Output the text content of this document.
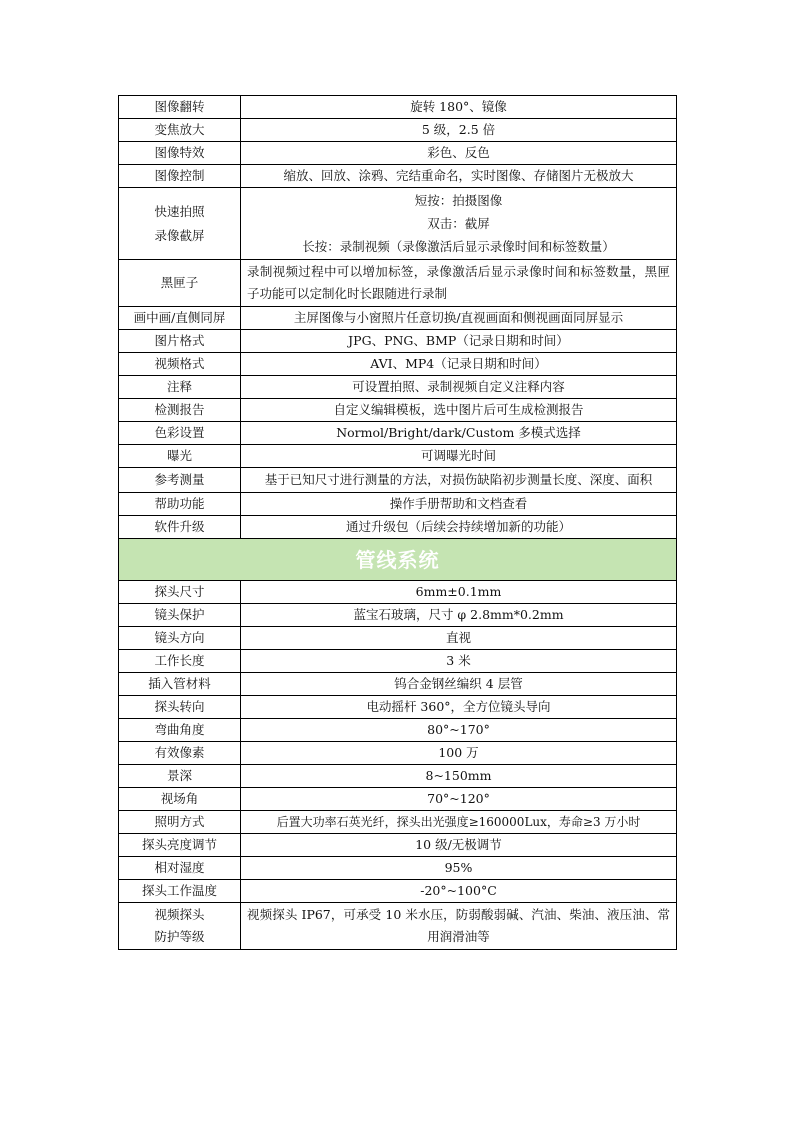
图像翻转	旋转 180°、镜像
变焦放大	5 级，2.5 倍
图像特效	彩色、反色
图像控制	缩放、回放、涂鸦、完结重命名，实时图像、存储图片无极放大

快速拍照
录像截屏	短按：拍摄图像
双击：截屏
长按：录制视频（录像激活后显示录像时间和标签数量）

黑匣子	录制视频过程中可以增加标签，录像激活后显示录像时间和标签数量，黑匣子功能可以定制化时长跟随进行录制
画中画/直侧同屏	主屏图像与小窗照片任意切换/直视画面和侧视画面同屏显示
图片格式	JPG、PNG、BMP（记录日期和时间）
视频格式	AVI、MP4（记录日期和时间）
注释	可设置拍照、录制视频自定义注释内容
检测报告	自定义编辑模板，选中图片后可生成检测报告
色彩设置	Normol/Bright/dark/Custom 多模式选择
曝光	可调曝光时间
参考测量	基于已知尺寸进行测量的方法，对损伤缺陷初步测量长度、深度、面积
帮助功能	操作手册帮助和文档查看
软件升级	通过升级包（后续会持续增加新的功能）
管线系统	
探头尺寸	6mm±0.1mm
镜头保护	蓝宝石玻璃，尺寸 φ 2.8mm*0.2mm
镜头方向	直视
工作长度	3 米
插入管材料	钨合金钢丝编织 4 层管
探头转向	电动摇杆 360°，全方位镜头导向
弯曲角度	80°~170°
有效像素	100 万
景深	8~150mm
视场角	70°~120°
照明方式	后置大功率石英光纤，探头出光强度≥160000Lux，寿命≥3 万小时
探头亮度调节	10 级/无极调节
相对湿度	95%
探头工作温度	-20°~100°C

视频探头
防护等级	视频探头 IP67，可承受 10 米水压，防弱酸弱碱、汽油、柴油、液压油、常用润滑油等
